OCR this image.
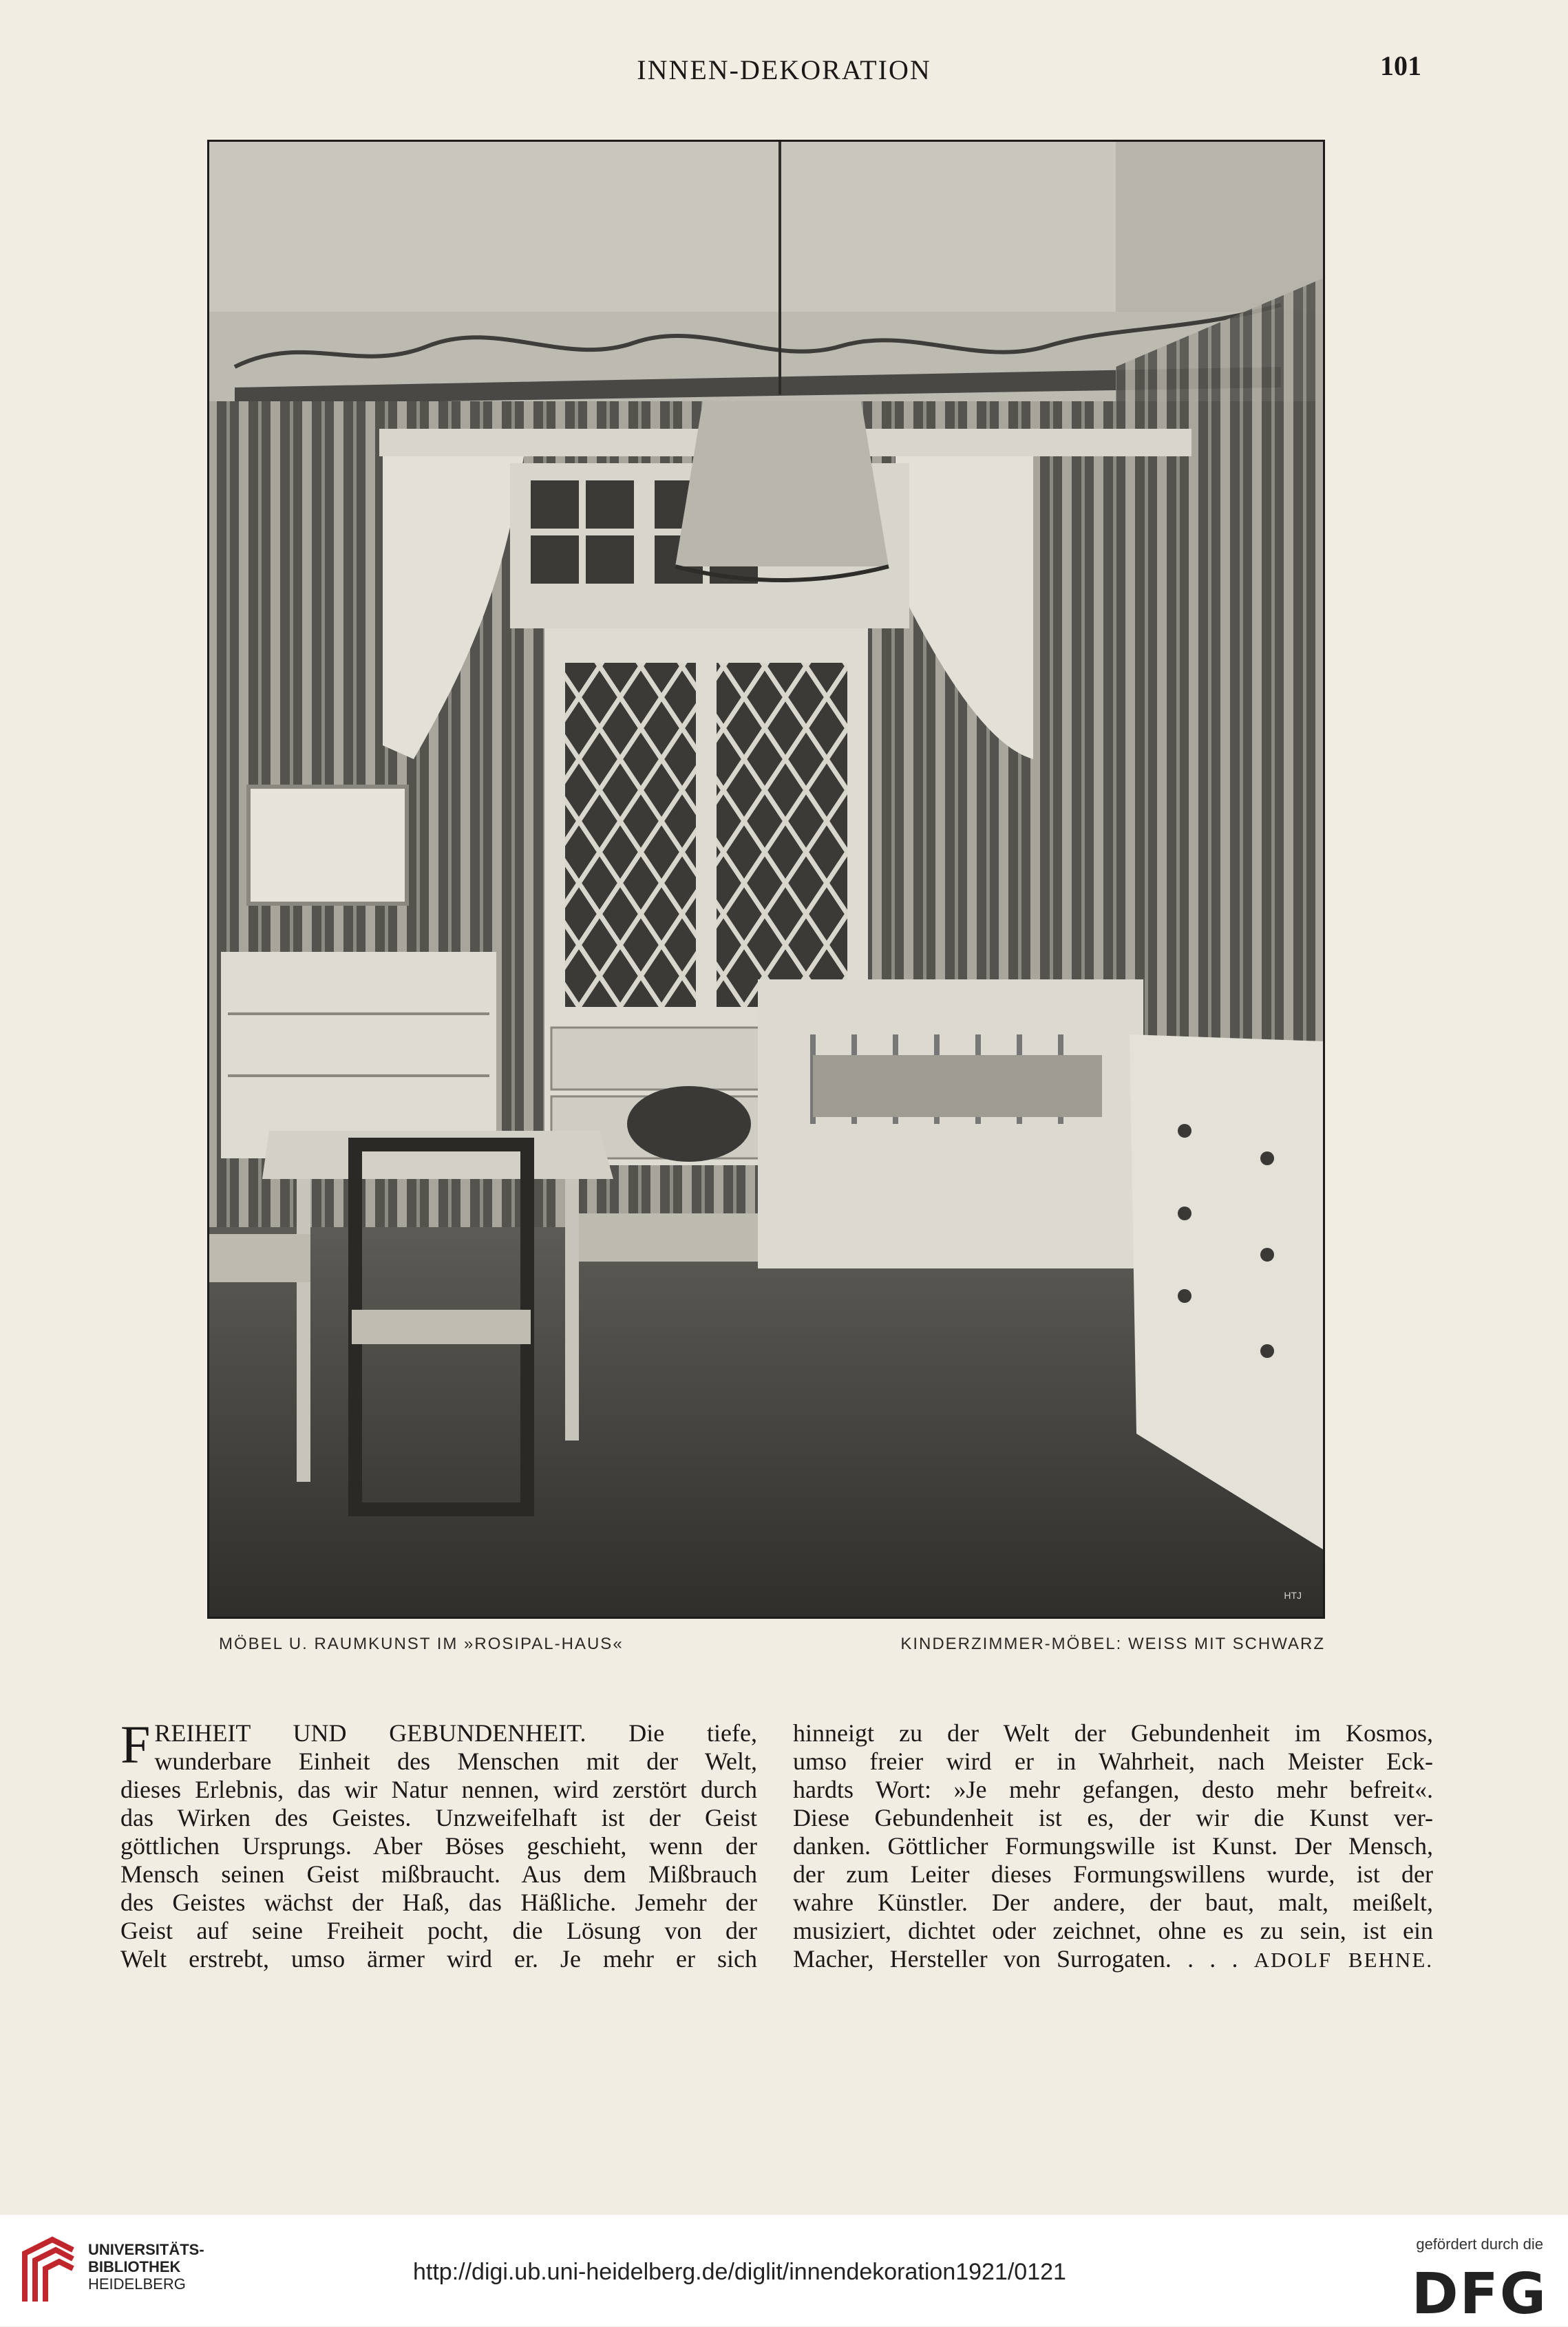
INNEN-DEKORATION	101
HTJ
MÖBEL U. RAUMKUNST IM »ROSIPAL-HAUS«	KINDERZIMMER-MÖBEL: WEISS MIT SCHWARZ
F REIHEIT UND GEBUNDENHEIT. Die tiefe,
wunderbare Einheit des Menschen mit der Welt,
dieses Erlebnis, das wir Natur nennen, wird zerstört durch
das Wirken des Geistes. Unzweifelhaft ist der Geist
göttlichen Ursprungs. Aber Böses geschieht, wenn der
Mensch seinen Geist mißbraucht. Aus dem Mißbrauch
des Geistes wächst der Haß, das Häßliche. Jemehr der
Geist auf seine Freiheit pocht, die Lösung von der
Welt erstrebt, umso ärmer wird er. Je mehr er sich
hinneigt zu der Welt der Gebundenheit im Kosmos,
umso freier wird er in Wahrheit, nach Meister Eck-
hardts Wort: »Je mehr gefangen, desto mehr befreit«.
Diese Gebundenheit ist es, der wir die Kunst ver-
danken. Göttlicher Formungswille ist Kunst. Der Mensch,
der zum Leiter dieses Formungswillens wurde, ist der
wahre Künstler. Der andere, der baut, malt, meißelt,
musiziert, dichtet oder zeichnet, ohne es zu sein, ist ein
Macher, Hersteller von Surrogaten. . . . ADOLF BEHNE.
UNIVERSITÄTS-
BIBLIOTHEK
HEIDELBERG	http://digi.ub.uni-heidelberg.de/diglit/innendekoration1921/0121
gefördert durch die
DFG
